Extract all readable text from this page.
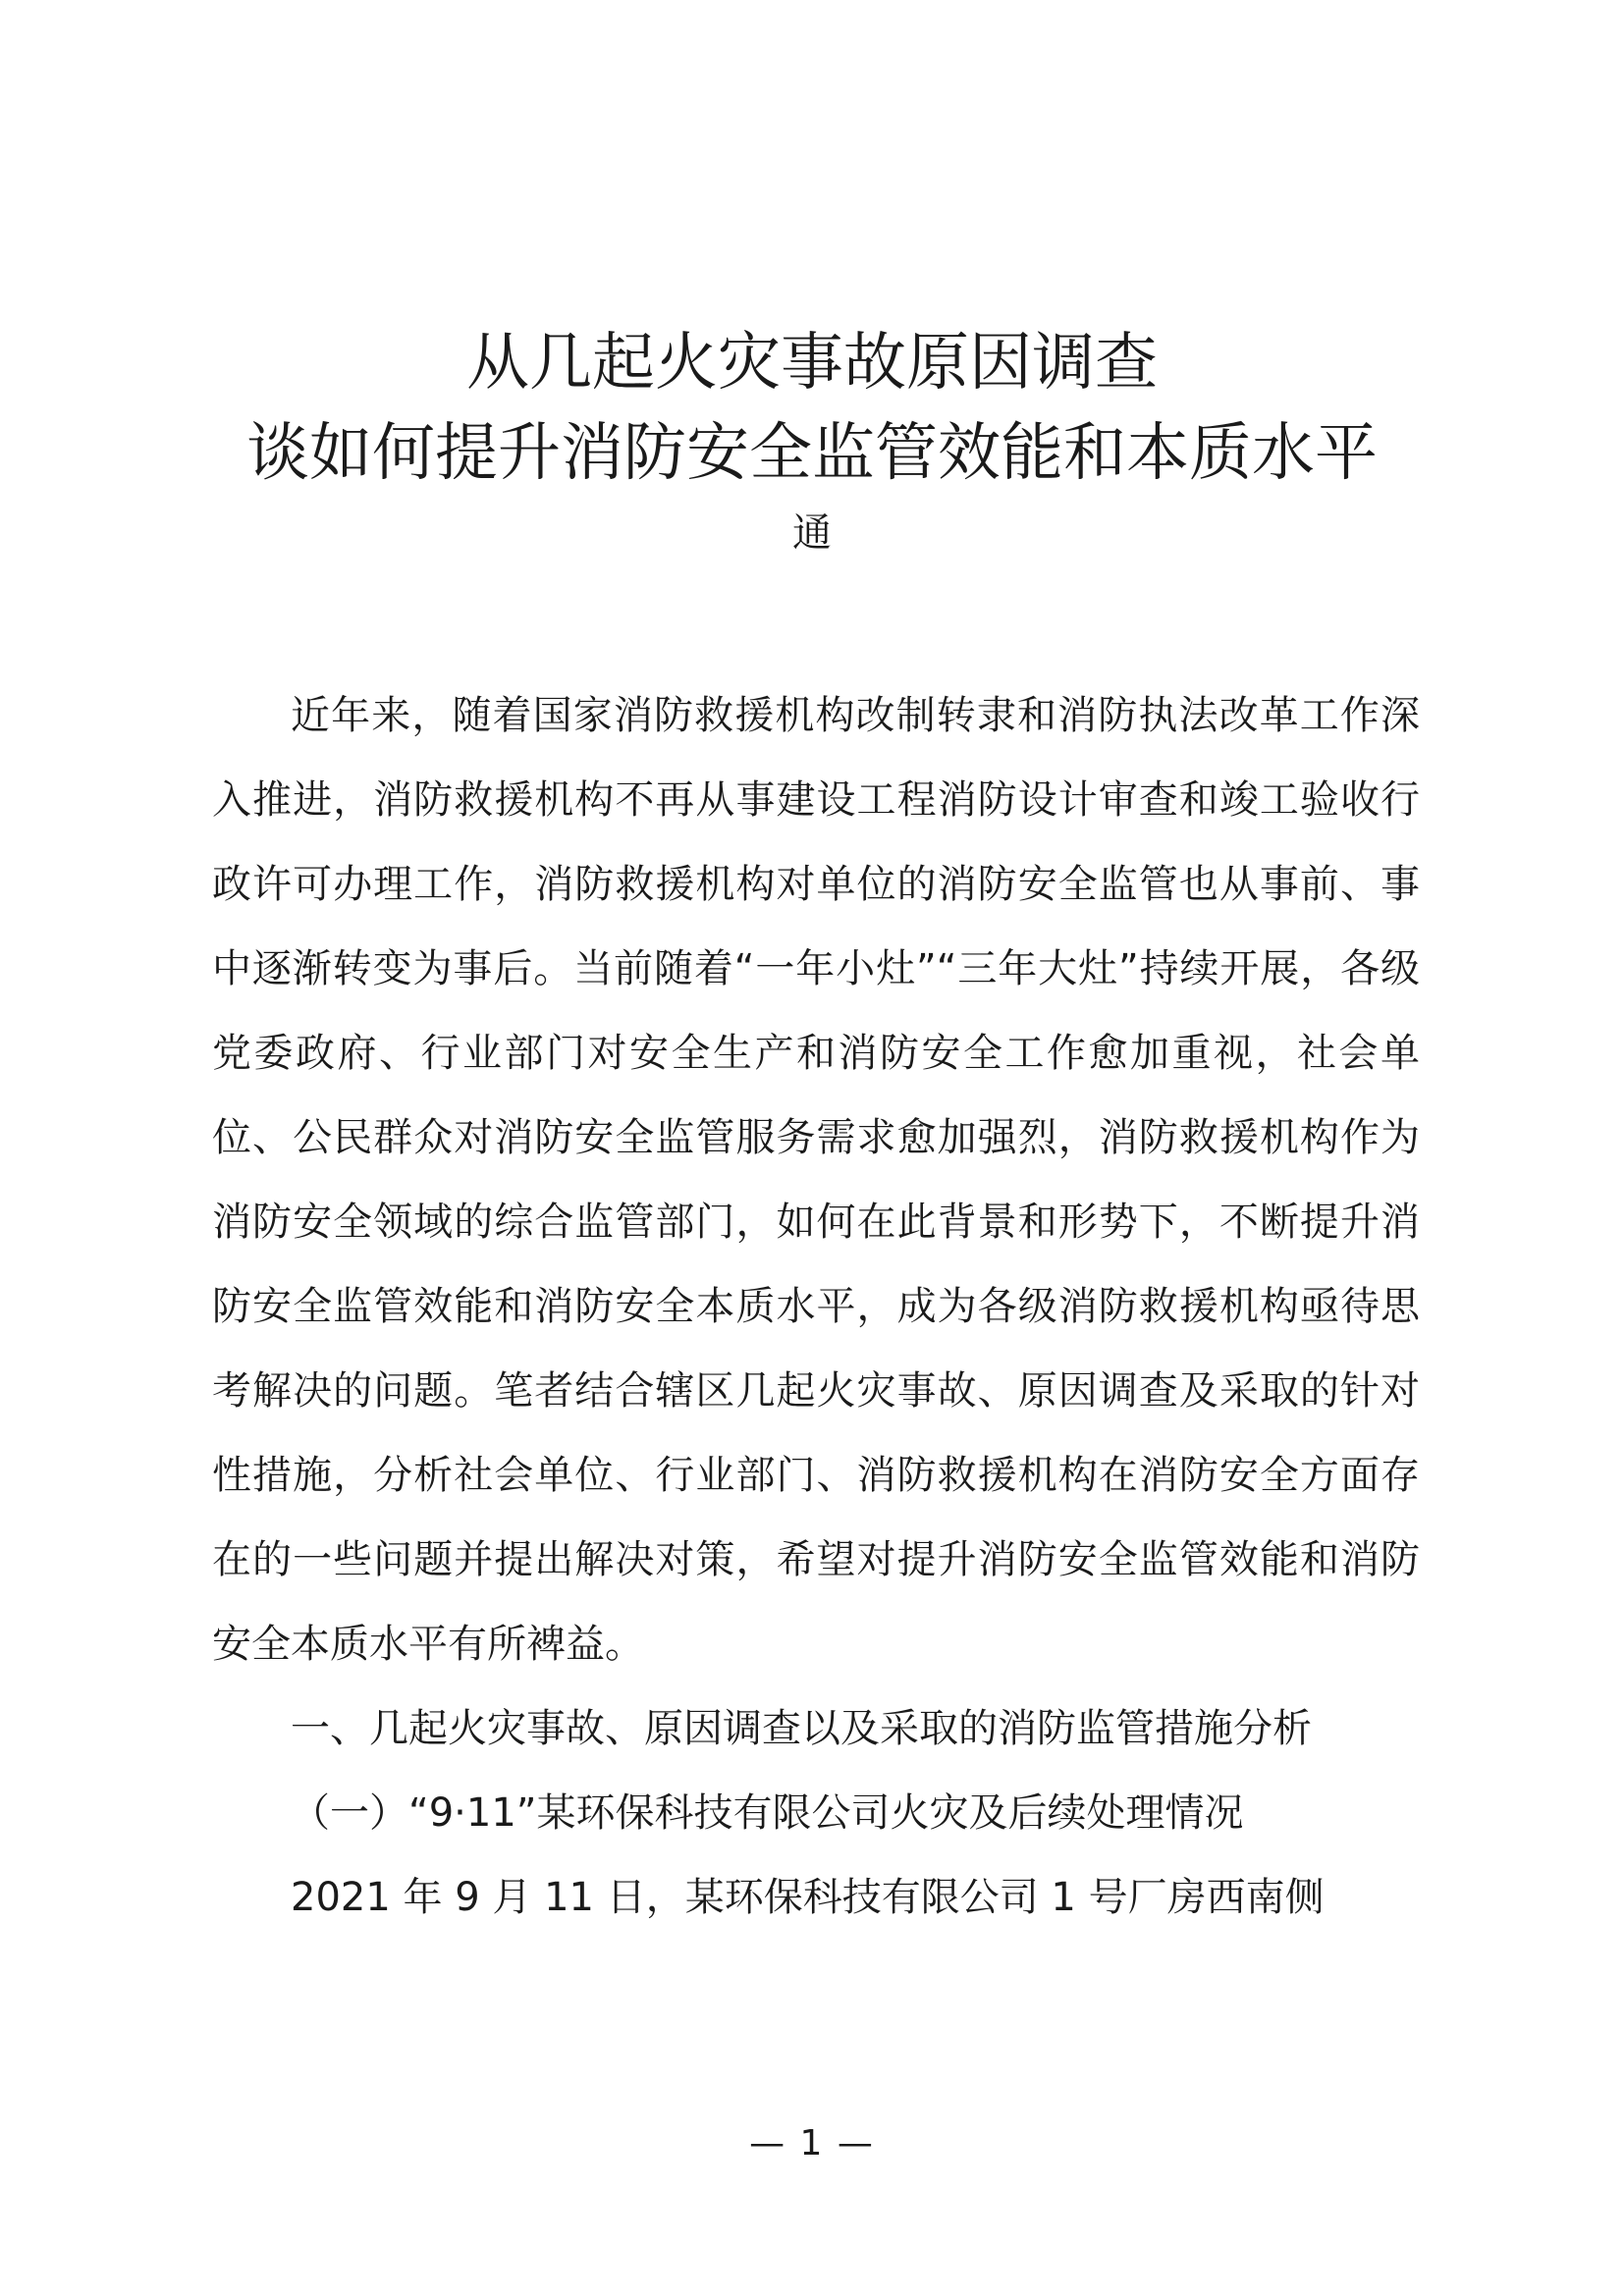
从几起火灾事故原因调查
谈如何提升消防安全监管效能和本质水平
通

近年来，随着国家消防救援机构改制转隶和消防执法改革工作深入推进，消防救援机构不再从事建设工程消防设计审查和竣工验收行政许可办理工作，消防救援机构对单位的消防安全监管也从事前、事中逐渐转变为事后。当前随着“一年小灶”“三年大灶”持续开展，各级党委政府、行业部门对安全生产和消防安全工作愈加重视，社会单位、公民群众对消防安全监管服务需求愈加强烈，消防救援机构作为消防安全领域的综合监管部门，如何在此背景和形势下，不断提升消防安全监管效能和消防安全本质水平，成为各级消防救援机构亟待思考解决的问题。笔者结合辖区几起火灾事故、原因调查及采取的针对性措施，分析社会单位、行业部门、消防救援机构在消防安全方面存在的一些问题并提出解决对策，希望对提升消防安全监管效能和消防安全本质水平有所裨益。

一、几起火灾事故、原因调查以及采取的消防监管措施分析

（一）“9·11”某环保科技有限公司火灾及后续处理情况

2021 年 9 月 11 日，某环保科技有限公司 1 号厂房西南侧

— 1 —
